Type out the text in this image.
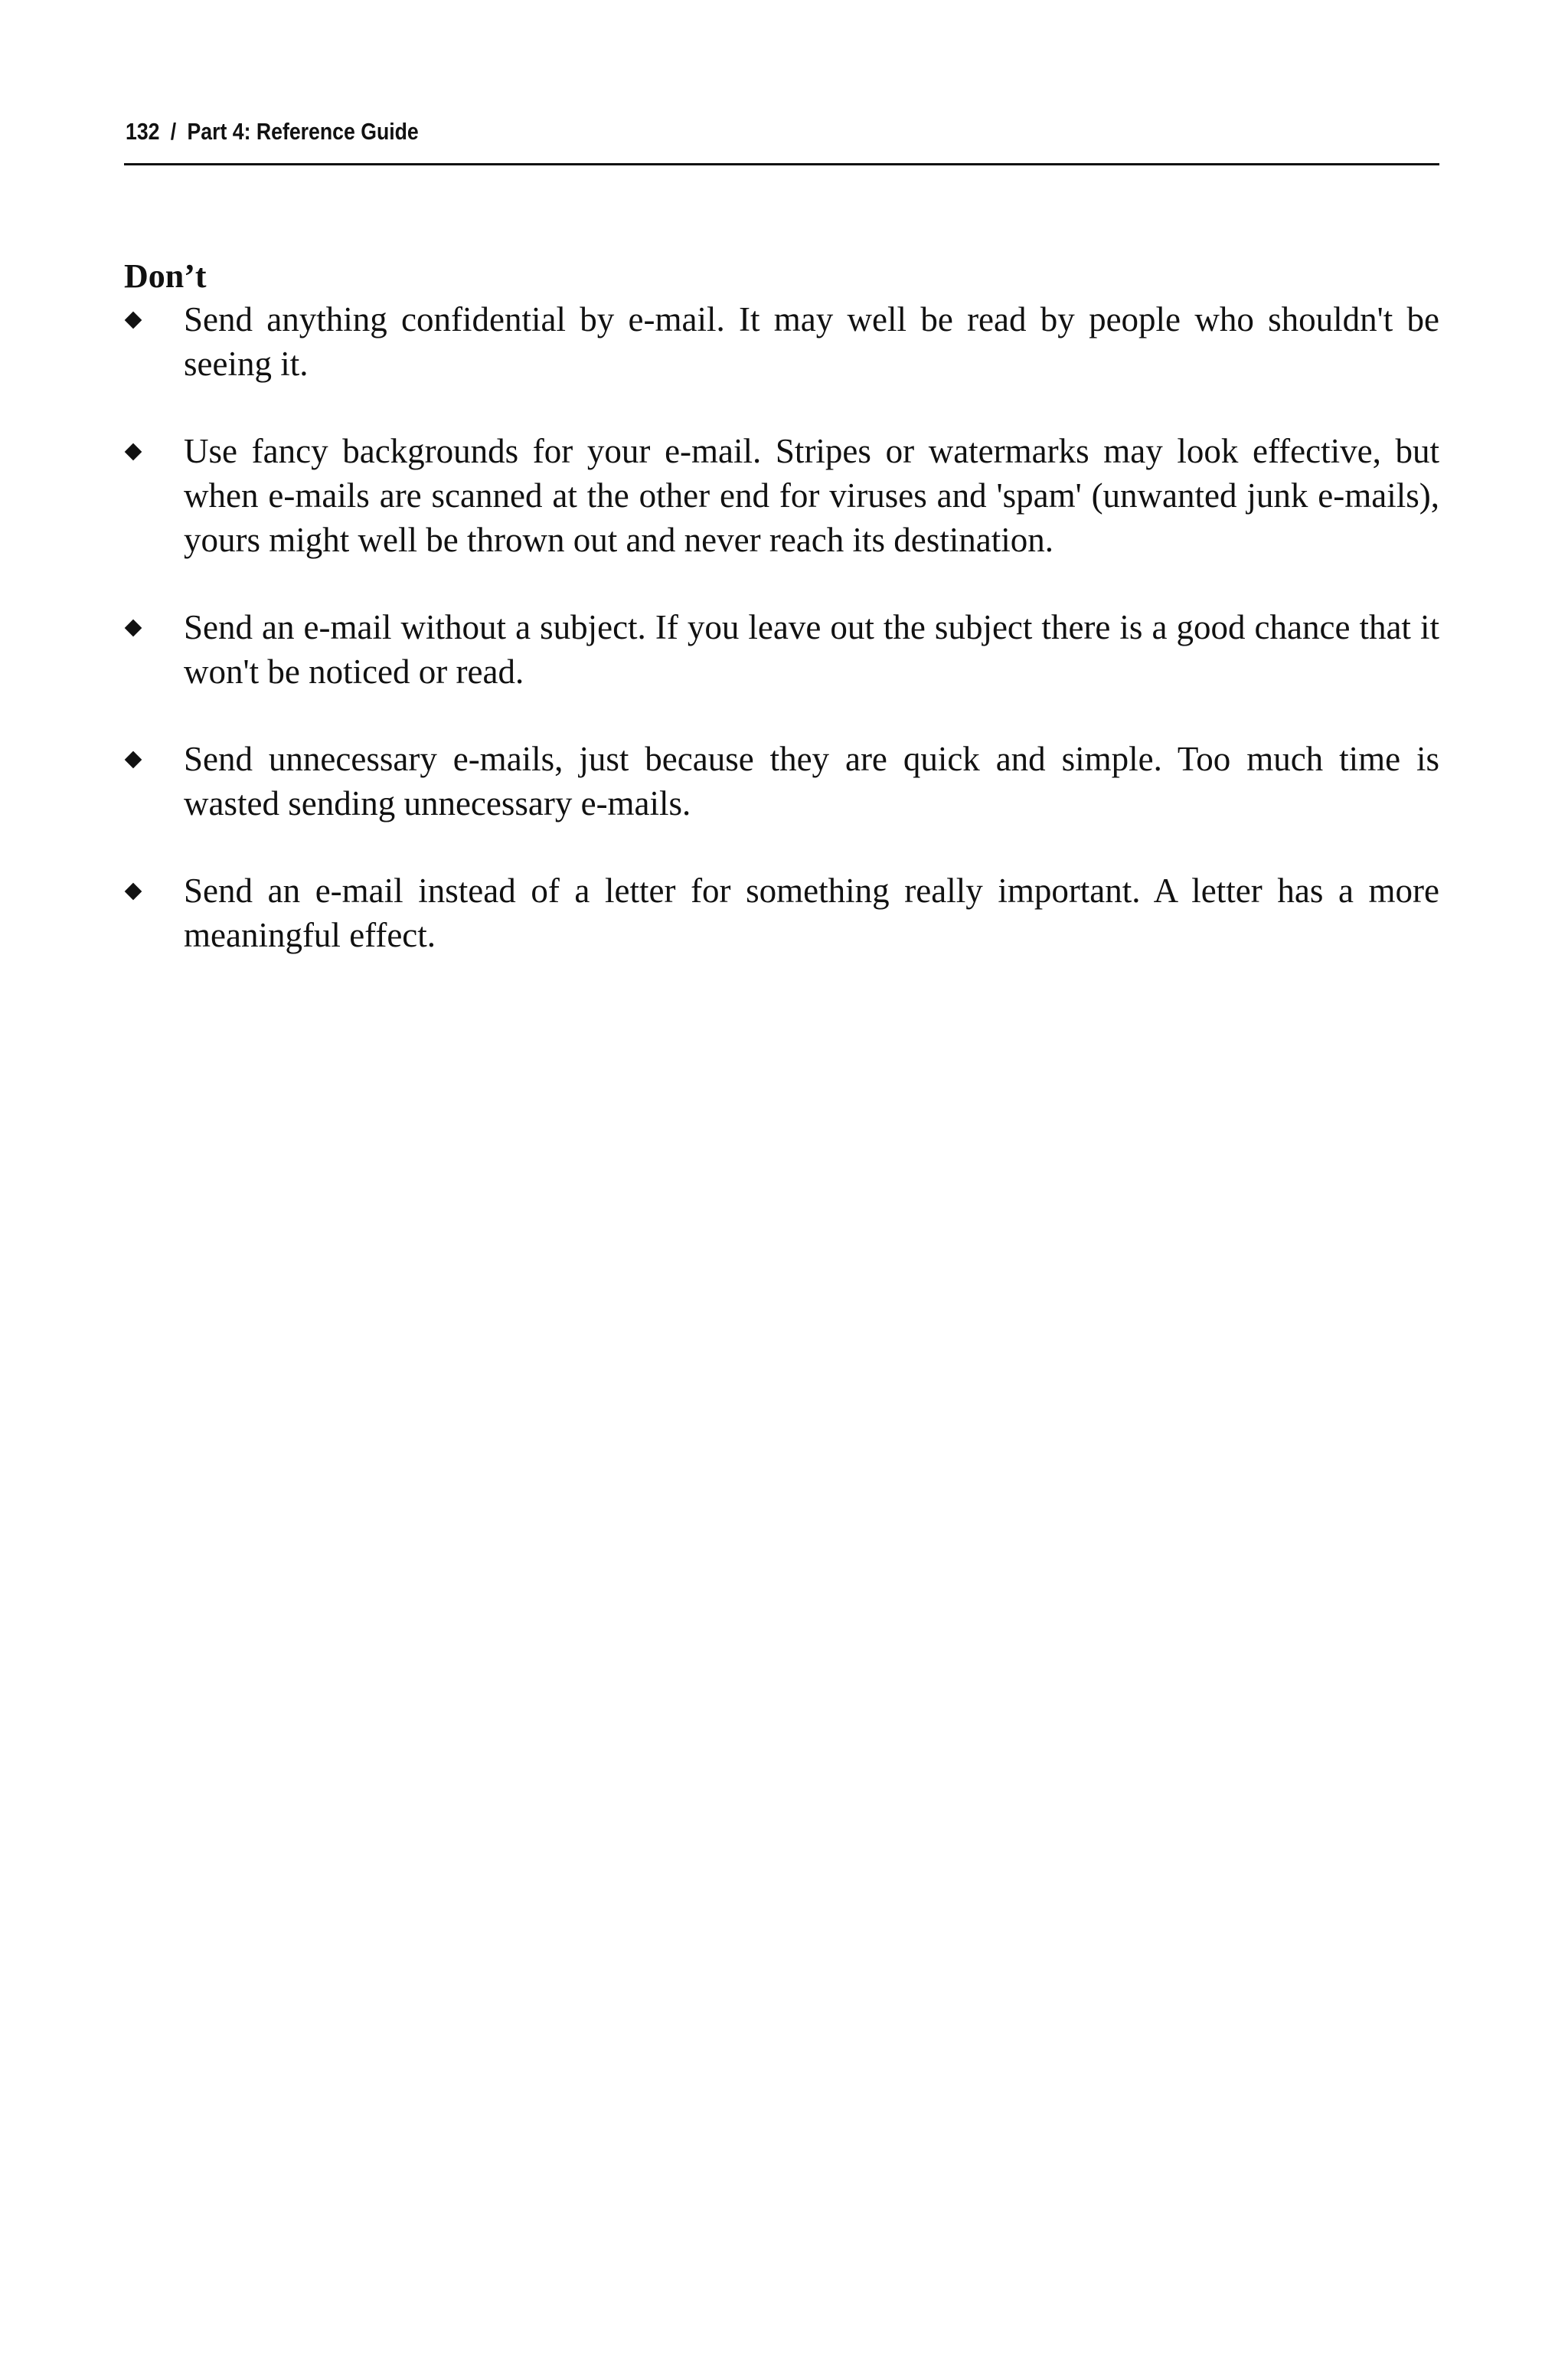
132 / Part 4: Reference Guide
Don’t
Send anything confidential by e-mail. It may well be read by people who shouldn't be seeing it.
Use fancy backgrounds for your e-mail. Stripes or watermarks may look effective, but when e-mails are scanned at the other end for viruses and 'spam' (unwanted junk e-mails), yours might well be thrown out and never reach its destination.
Send an e-mail without a subject. If you leave out the subject there is a good chance that it won't be noticed or read.
Send unnecessary e-mails, just because they are quick and simple. Too much time is wasted sending unnecessary e-mails.
Send an e-mail instead of a letter for something really important. A letter has a more meaningful effect.
